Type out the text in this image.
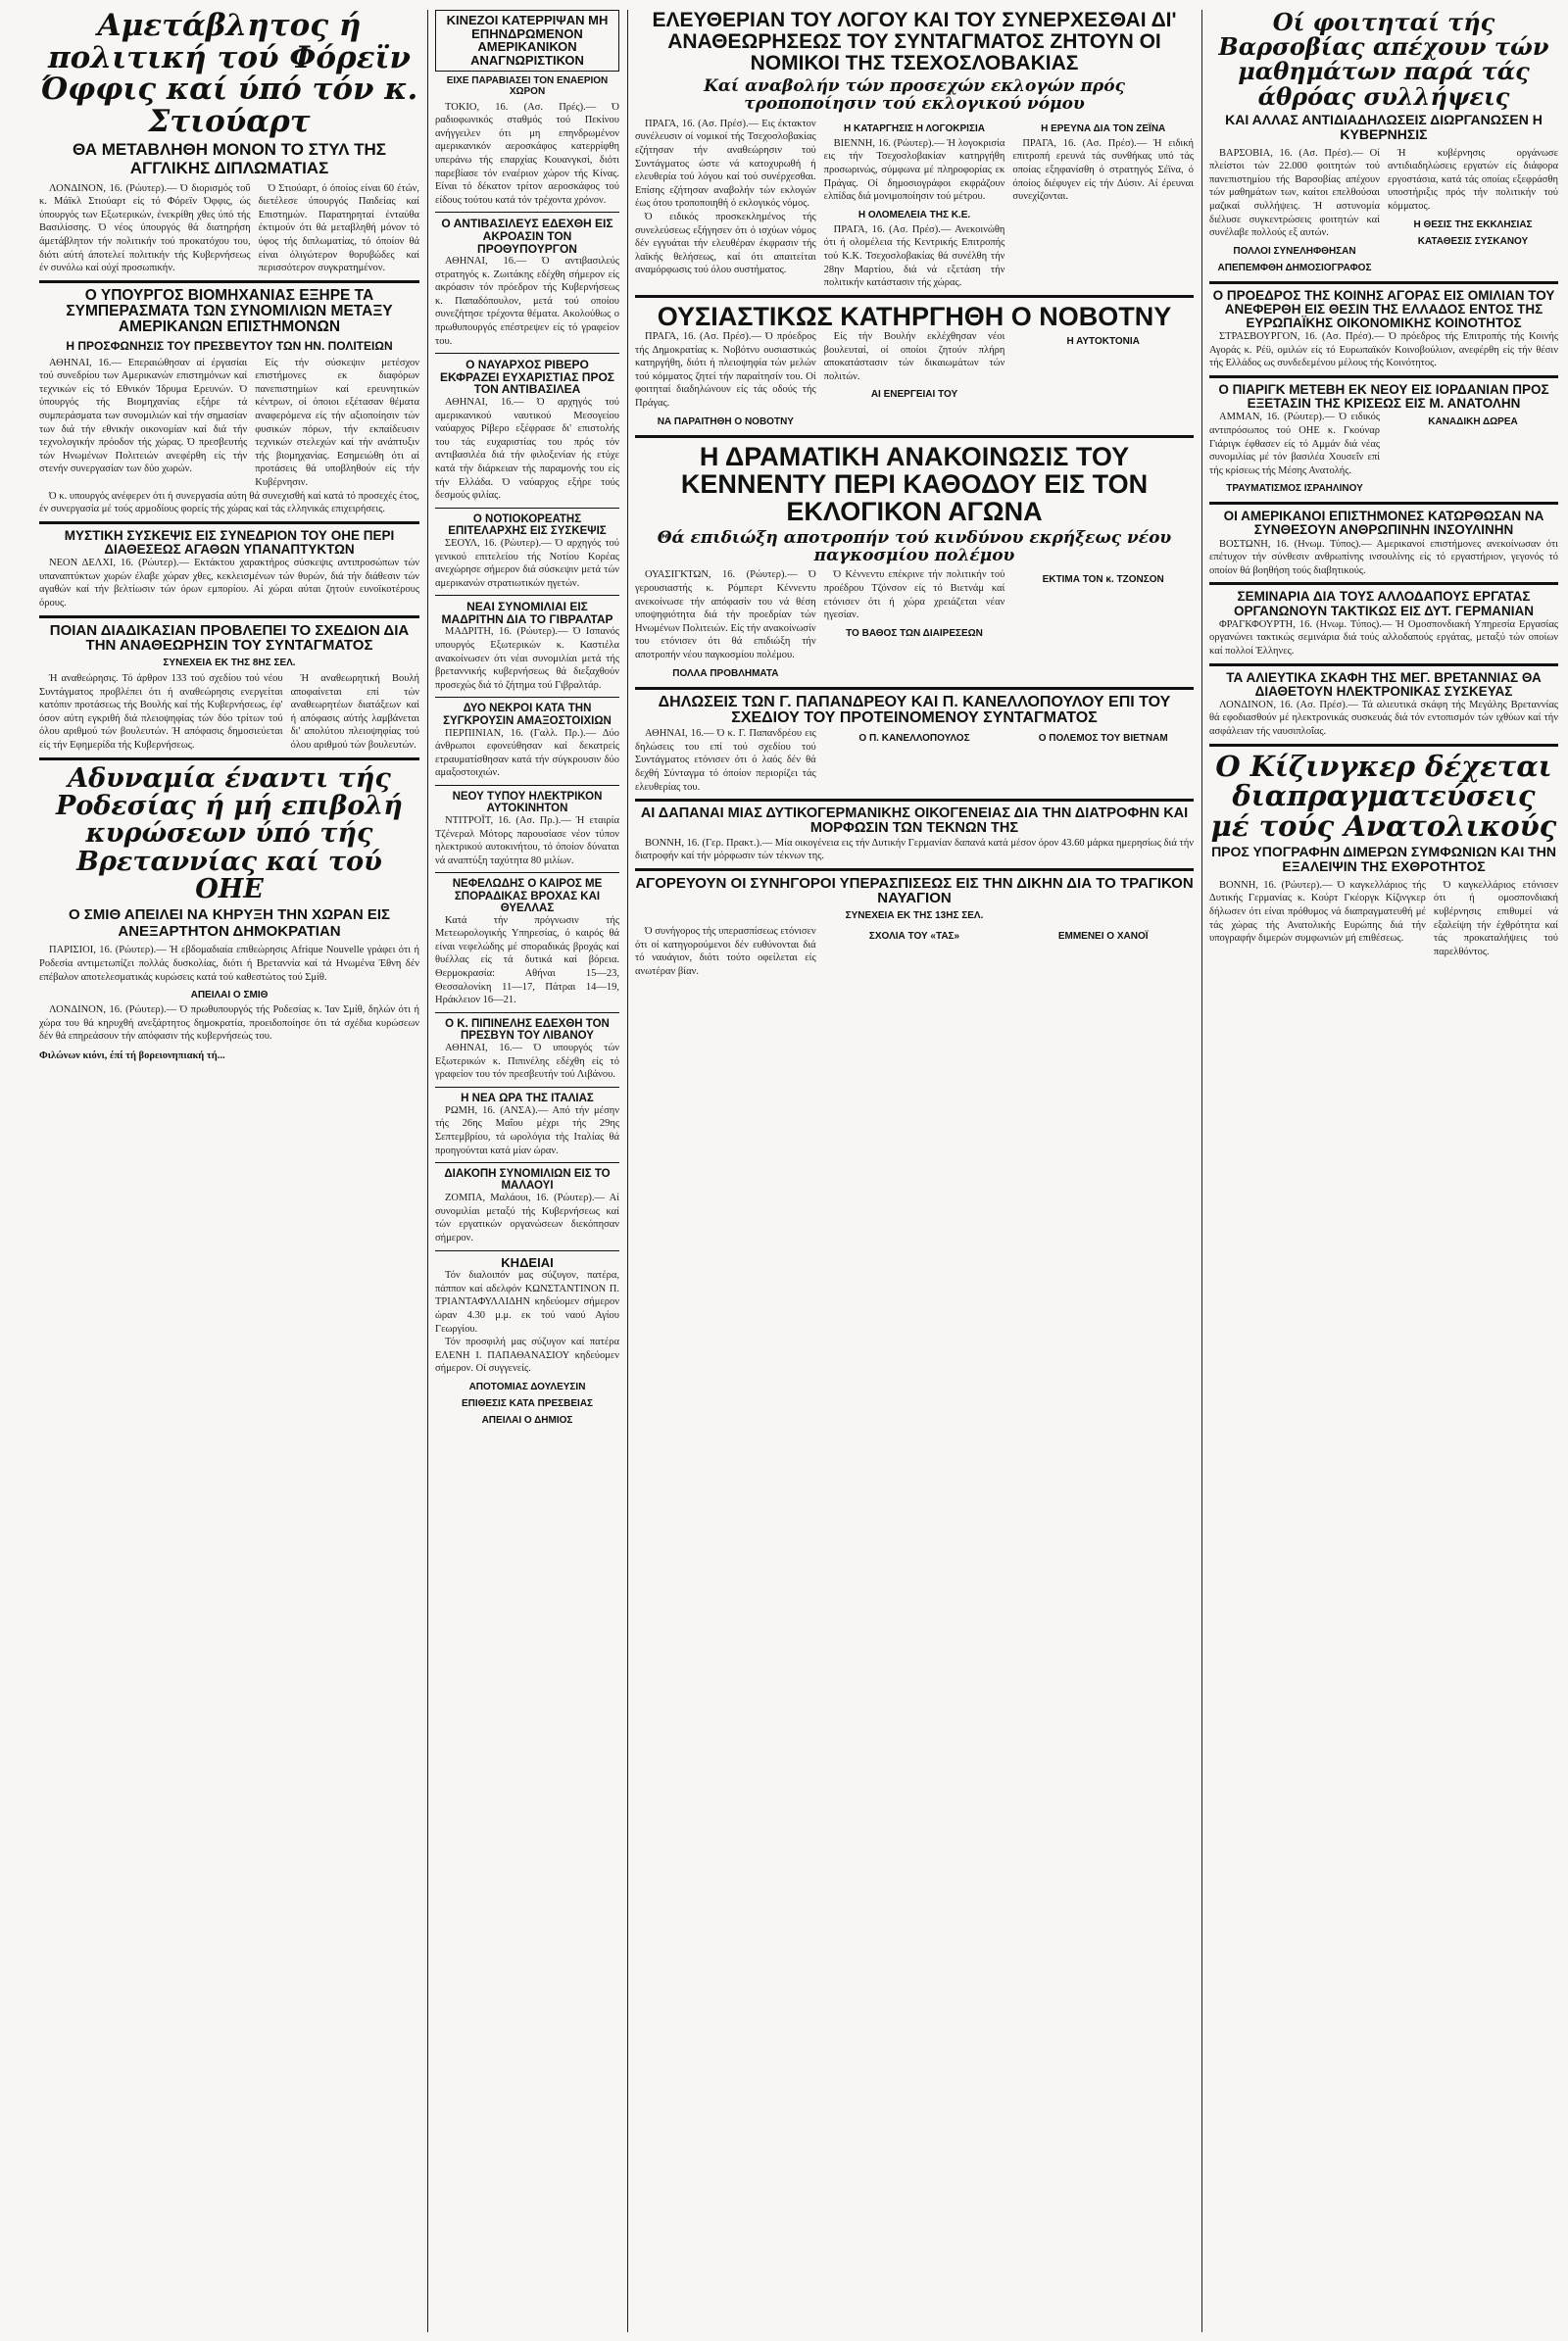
Αμετάβλητος ή πολιτική τού Φόρεϊν Όφφις καί ύπό τόν κ. Στιούαρτ
ΘΑ ΜΕΤΑΒΛΗΘΗ ΜΟΝΟΝ ΤΟ ΣΤΥΛ ΤΗΣ ΑΓΓΛΙΚΗΣ ΔΙΠΛΩΜΑΤΙΑΣ

ΛΟΝΔΙΝΟΝ, 16. (Ρώυτερ).— Ό διορισμός τοΰ κ. Μάϊκλ Στιούαρτ είς τό Φόρεϊν Όφφις, ώς ύπουργός των Εξωτερικών, ένεκρίθη χθες ύπό τής Βασιλίσσης. Ό νέος ύπουργός θά διατηρήση άμετάβλητον τήν πολιτικήν τού προκατόχου του, διότι αύτή άποτελεί πολιτικήν τής Κυβερνήσεως έν συνόλω καί ούχί προσωπικήν.

Ό Στιούαρτ, ό όποίος είναι 60 έτών, διετέλεσε ύπουργός Παιδείας καί Επιστημών. Παρατηρηταί ένταύθα έκτιμούν ότι θά μεταβληθή μόνον τό ύφος τής διπλωματίας, τό όποίον θά είναι όλιγώτερον θορυβώδες καί περισσότερον συγκρατημένον.

Ο ΥΠΟΥΡΓΟΣ ΒΙΟΜΗΧΑΝΙΑΣ ΕΞΗΡΕ ΤΑ ΣΥΜΠΕΡΑΣΜΑΤΑ ΤΩΝ ΣΥΝΟΜΙΛΙΩΝ ΜΕΤΑΞΥ ΑΜΕΡΙΚΑΝΩΝ ΕΠΙΣΤΗΜΟΝΩΝ
Η ΠΡΟΣΦΩΝΗΣΙΣ ΤΟΥ ΠΡΕΣΒΕΥΤΟΥ ΤΩΝ ΗΝ. ΠΟΛΙΤΕΙΩΝ

ΑΘΗΝΑΙ, 16.— Επεραιώθησαν αί έργασίαι τού συνεδρίου των Αμερικανών επιστημόνων καί τεχνικών είς τό Εθνικόν Ίδρυμα Ερευνών. Ό ύπουργός τής Βιομηχανίας εξήρε τά συμπεράσματα των συνομιλιών καί τήν σημασίαν των διά τήν εθνικήν οικονομίαν καί διά τήν τεχνολογικήν πρόοδον τής χώρας. Ό πρεσβευτής τών Ηνωμένων Πολιτειών ανεφέρθη είς τήν στενήν συνεργασίαν των δύο χωρών.

Είς τήν σύσκεψιν μετέσχον επιστήμονες εκ διαφόρων πανεπιστημίων καί ερευνητικών κέντρων, οί όποιοι εξέτασαν θέματα αναφερόμενα είς τήν αξιοποίησιν τών φυσικών πόρων, τήν εκπαίδευσιν τεχνικών στελεχών καί τήν ανάπτυξιν τής βιομηχανίας. Εσημειώθη ότι αί προτάσεις θά υποβληθούν είς τήν Κυβέρνησιν.

Ό κ. υπουργός ανέφερεν ότι ή συνεργασία αύτη θά συνεχισθή καί κατά τό προσεχές έτος, έν συνεργασία μέ τούς αρμοδίους φορείς τής χώρας καί τάς ελληνικάς επιχειρήσεις.

ΜΥΣΤΙΚΗ ΣΥΣΚΕΨΙΣ ΕΙΣ ΣΥΝΕΔΡΙΟΝ ΤΟΥ ΟΗΕ ΠΕΡΙ ΔΙΑΘΕΣΕΩΣ ΑΓΑΘΩΝ ΥΠΑΝΑΠΤΥΚΤΩΝ

ΝΕΟΝ ΔΕΛΧΙ, 16. (Ρώυτερ).— Εκτάκτου χαρακτήρος σύσκεψις αντιπροσώπων τών υπαναπτύκτων χωρών έλαβε χώραν χθες, κεκλεισμένων τών θυρών, διά τήν διάθεσιν τών αγαθών καί τήν βελτίωσιν τών όρων εμπορίου. Αί χώραι αύται ζητούν ευνοϊκοτέρους όρους.

ΠΟΙΑΝ ΔΙΑΔΙΚΑΣΙΑΝ ΠΡΟΒΛΕΠΕΙ ΤΟ ΣΧΕΔΙΟΝ ΔΙΑ ΤΗΝ ΑΝΑΘΕΩΡΗΣΙΝ ΤΟΥ ΣΥΝΤΑΓΜΑΤΟΣ
ΣΥΝΕΧΕΙΑ ΕΚ ΤΗΣ 8ΗΣ ΣΕΛ.

Ή αναθεώρησις. Τό άρθρον 133 τού σχεδίου τού νέου Συντάγματος προβλέπει ότι ή αναθεώρησις ενεργείται κατόπιν προτάσεως τής Βουλής καί τής Κυβερνήσεως, έφ' όσον αύτη εγκριθή διά πλειοψηφίας τών δύο τρίτων τού όλου αριθμού τών βουλευτών. Ή απόφασις δημοσιεύεται είς τήν Εφημερίδα τής Κυβερνήσεως.

Ή αναθεωρητική Βουλή αποφαίνεται επί τών αναθεωρητέων διατάξεων καί ή απόφασις αύτής λαμβάνεται δι' απολύτου πλειοψηφίας τού όλου αριθμού τών βουλευτών.

Αδυναμία έναντι τής Ροδεσίας ή μή επιβολή κυρώσεων ύπό τής Βρεταννίας καί τού ΟΗΕ
Ο ΣΜΙΘ ΑΠΕΙΛΕΙ ΝΑ ΚΗΡΥΞΗ ΤΗΝ ΧΩΡΑΝ ΕΙΣ ΑΝΕΞΑΡΤΗΤΟΝ ΔΗΜΟΚΡΑΤΙΑΝ

ΠΑΡΙΣΙΟΙ, 16. (Ρώυτερ).— Ή εβδομαδιαία επιθεώρησις Afrique Nouvelle γράφει ότι ή Ροδεσία αντιμετωπίζει πολλάς δυσκολίας, διότι ή Βρεταννία καί τά Ηνωμένα Έθνη δέν επέβαλον αποτελεσματικάς κυρώσεις κατά τού καθεστώτος τού Σμίθ.

ΑΠΕΙΛΑΙ Ο ΣΜΙΘ

ΛΟΝΔΙΝΟΝ, 16. (Ρώυτερ).— Ό πρωθυπουργός τής Ροδεσίας κ. Ίαν Σμίθ, δηλών ότι ή χώρα του θά κηρυχθή ανεξάρτητος δημοκρατία, προειδοποίησε ότι τά σχέδια κυρώσεων δέν θά επηρεάσουν τήν απόφασιν τής κυβερνήσεώς του.

Φιλώνων κιόνι, έπί τή βορειονηπιακή τή...

ΚΙΝΕΖΟΙ ΚΑΤΕΡΡΙΨΑΝ ΜΗ ΕΠΗΝΔΡΩΜΕΝΟΝ ΑΜΕΡΙΚΑΝΙΚΟΝ ΑΝΑΓΝΩΡΙΣΤΙΚΟΝ
ΕΙΧΕ ΠΑΡΑΒΙΑΣΕΙ ΤΟΝ ΕΝΑΕΡΙΟΝ ΧΩΡΟΝ

ΤΟΚΙΟ, 16. (Ασ. Πρές).— Ό ραδιοφωνικός σταθμός τού Πεκίνου ανήγγειλεν ότι μη επηνδρωμένον αμερικανικόν αεροσκάφος κατερρίφθη υπεράνω τής επαρχίας Κουανγκσί, διότι παρεβίασε τόν εναέριον χώρον τής Κίνας. Είναι τό δέκατον τρίτον αεροσκάφος τού είδους τούτου κατά τόν τρέχοντα χρόνον.

Ο ΑΝΤΙΒΑΣΙΛΕΥΣ ΕΔΕΧΘΗ ΕΙΣ ΑΚΡΟΑΣΙΝ ΤΟΝ ΠΡΟΘΥΠΟΥΡΓΟΝ

ΑΘΗΝΑΙ, 16.— Ό αντιβασιλεύς στρατηγός κ. Ζωιτάκης εδέχθη σήμερον είς ακρόασιν τόν πρόεδρον τής Κυβερνήσεως κ. Παπαδόπουλον, μετά τού οποίου συνεζήτησε τρέχοντα θέματα. Ακολούθως ο πρωθυπουργός επέστρεψεν είς τό γραφείον του.

Ο ΝΑΥΑΡΧΟΣ ΡΙΒΕΡΟ ΕΚΦΡΑΖΕΙ ΕΥΧΑΡΙΣΤΙΑΣ ΠΡΟΣ ΤΟΝ ΑΝΤΙΒΑΣΙΛΕΑ

ΑΘΗΝΑΙ, 16.— Ό αρχηγός τού αμερικανικού ναυτικού Μεσογείου ναύαρχος Ρίβερο εξέφρασε δι' επιστολής του τάς ευχαριστίας του πρός τόν αντιβασιλέα διά τήν φιλοξενίαν ής ετύχε κατά τήν διάρκειαν τής παραμονής του είς τήν Ελλάδα. Ό ναύαρχος εξήρε τούς δεσμούς φιλίας.

Ο ΝΟΤΙΟΚΟΡΕΑΤΗΣ ΕΠΙΤΕΛΑΡΧΗΣ ΕΙΣ ΣΥΣΚΕΨΙΣ

ΣΕΟΥΛ, 16. (Ρώυτερ).— Ό αρχηγός τού γενικού επιτελείου τής Νοτίου Κορέας ανεχώρησε σήμερον διά σύσκεψιν μετά τών αμερικανών στρατιωτικών ηγετών.

ΝΕΑΙ ΣΥΝΟΜΙΛΙΑΙ ΕΙΣ ΜΑΔΡΙΤΗΝ ΔΙΑ ΤΟ ΓΙΒΡΑΛΤΑΡ

ΜΑΔΡΙΤΗ, 16. (Ρώυτερ).— Ό Ισπανός υπουργός Εξωτερικών κ. Καστιέλα ανακοίνωσεν ότι νέαι συνομιλίαι μετά τής βρεταννικής κυβερνήσεως θά διεξαχθούν προσεχώς διά τό ζήτημα τού Γιβραλτάρ.

ΔΥΟ ΝΕΚΡΟΙ ΚΑΤΑ ΤΗΝ ΣΥΓΚΡΟΥΣΙΝ ΑΜΑΞΟΣΤΟΙΧΙΩΝ

ΠΕΡΠΙΝΙΑΝ, 16. (Γαλλ. Πρ.).— Δύο άνθρωποι εφονεύθησαν καί δεκατρείς ετραυματίσθησαν κατά τήν σύγκρουσιν δύο αμαξοστοιχιών.

ΝΕΟΥ ΤΥΠΟΥ ΗΛΕΚΤΡΙΚΟΝ ΑΥΤΟΚΙΝΗΤΟΝ

ΝΤΙΤΡΟΪΤ, 16. (Ασ. Πρ.).— Ή εταιρία Τζένεραλ Μότορς παρουσίασε νέον τύπον ηλεκτρικού αυτοκινήτου, τό όποίον δύναται νά αναπτύξη ταχύτητα 80 μιλίων.

ΝΕΦΕΛΩΔΗΣ Ο ΚΑΙΡΟΣ ΜΕ ΣΠΟΡΑΔΙΚΑΣ ΒΡΟΧΑΣ ΚΑΙ ΘΥΕΛΛΑΣ

Κατά τήν πρόγνωσιν τής Μετεωρολογικής Υπηρεσίας, ό καιρός θά είναι νεφελώδης μέ σποραδικάς βροχάς καί θυέλλας είς τά δυτικά καί βόρεια. Θερμοκρασία: Αθήναι 15—23, Θεσσαλονίκη 11—17, Πάτραι 14—19, Ηράκλειον 16—21.

Ο Κ. ΠΙΠΙΝΕΛΗΣ ΕΔΕΧΘΗ ΤΟΝ ΠΡΕΣΒΥΝ ΤΟΥ ΛΙΒΑΝΟΥ

ΑΘΗΝΑΙ, 16.— Ό υπουργός τών Εξωτερικών κ. Πιπινέλης εδέχθη είς τό γραφείον του τόν πρεσβευτήν τού Λιβάνου.

Η ΝΕΑ ΩΡΑ ΤΗΣ ΙΤΑΛΙΑΣ

ΡΩΜΗ, 16. (ΑΝΣΑ).— Από τήν μέσην τής 26ης Μαΐου μέχρι τής 29ης Σεπτεμβρίου, τά ωρολόγια τής Ιταλίας θά προηγούνται κατά μίαν ώραν.

ΔΙΑΚΟΠΗ ΣΥΝΟΜΙΛΙΩΝ ΕΙΣ ΤΟ ΜΑΛΑΟΥΙ

ΖΟΜΠΑ, Μαλάουι, 16. (Ρώυτερ).— Αί συνομιλίαι μεταξύ τής Κυβερνήσεως καί τών εργατικών οργανώσεων διεκόπησαν σήμερον.

ΚΗΔΕΙΑΙ

Τόν διαλοιπόν μας σύζυγον, πατέρα, πάππον καί αδελφόν ΚΩΝΣΤΑΝΤΙΝΟΝ Π. ΤΡΙΑΝΤΑΦΥΛΛΙΔΗΝ κηδεύομεν σήμερον ώραν 4.30 μ.μ. εκ τού ναού Αγίου Γεωργίου.

Τόν προσφιλή μας σύζυγον καί πατέρα ΕΛΕΝΗ Ι. ΠΑΠΑΘΑΝΑΣΙΟΥ κηδεύομεν σήμερον. Οί συγγενείς.

ΑΠΟΤΟΜΙΑΣ ΔΟΥΛΕΥΣΙΝ
ΕΠΙΘΕΣΙΣ ΚΑΤΑ ΠΡΕΣΒΕΙΑΣ
ΑΠΕΙΛΑΙ Ο ΔΗΜΙΟΣ
ΕΛΕΥΘΕΡΙΑΝ ΤΟΥ ΛΟΓΟΥ ΚΑΙ ΤΟΥ ΣΥΝΕΡΧΕΣΘΑΙ ΔΙ' ΑΝΑΘΕΩΡΗΣΕΩΣ ΤΟΥ ΣΥΝΤΑΓΜΑΤΟΣ ΖΗΤΟΥΝ ΟΙ ΝΟΜΙΚΟΙ ΤΗΣ ΤΣΕΧΟΣΛΟΒΑΚΙΑΣ
Καί αναβολήν τών προσεχών εκλογών πρός τροποποίησιν τού εκλογικού νόμου

ΠΡΑΓΑ, 16. (Ασ. Πρέσ).— Εις έκτακτον συνέλευσιν οί νομικοί τής Τσεχοσλοβακίας εζήτησαν τήν αναθεώρησιν τού Συντάγματος ώστε νά κατοχυρωθή ή ελευθερία τού λόγου καί τού συνέρχεσθαι. Επίσης εζήτησαν αναβολήν τών εκλογών έως ότου τροποποιηθή ό εκλογικός νόμος.

Ό ειδικός προσκεκλημένος τής συνελεύσεως εξήγησεν ότι ό ισχύων νόμος δέν εγγυάται τήν ελευθέραν έκφρασιν τής λαϊκής θελήσεως, καί ότι απαιτείται αναμόρφωσις τού όλου συστήματος.

Η ΚΑΤΑΡΓΗΣΙΣ Η ΛΟΓΟΚΡΙΣΙΑ

ΒΙΕΝΝΗ, 16. (Ρώυτερ).— Ή λογοκρισία εις τήν Τσεχοσλοβακίαν κατηργήθη προσωρινώς, σύμφωνα μέ πληροφορίας εκ Πράγας. Οί δημοσιογράφοι εκφράζουν ελπίδας διά μονιμοποίησιν τού μέτρου.

Η ΟΛΟΜΕΛΕΙΑ ΤΗΣ Κ.Ε.

ΠΡΑΓΑ, 16. (Ασ. Πρέσ).— Ανεκοινώθη ότι ή ολομέλεια τής Κεντρικής Επιτροπής τού Κ.Κ. Τσεχοσλοβακίας θά συνέλθη τήν 28ην Μαρτίου, διά νά εξετάση τήν πολιτικήν κατάστασιν τής χώρας.

Η ΕΡΕΥΝΑ ΔΙΑ ΤΟΝ ΖΕΪΝΑ

ΠΡΑΓΑ, 16. (Ασ. Πρέσ).— Ή ειδική επιτροπή ερευνά τάς συνθήκας υπό τάς οποίας εξηφανίσθη ό στρατηγός Σέϊνα, ό όποίος διέφυγεν είς τήν Δύσιν. Αί έρευναι συνεχίζονται.

ΟΥΣΙΑΣΤΙΚΩΣ ΚΑΤΗΡΓΗΘΗ Ο ΝΟΒΟΤΝΥ

ΠΡΑΓΑ, 16. (Ασ. Πρέσ).— Ό πρόεδρος τής Δημοκρατίας κ. Νοβότνυ ουσιαστικώς κατηργήθη, διότι ή πλειοψηφία τών μελών τού κόμματος ζητεί τήν παραίτησίν του. Οί φοιτηταί διαδηλώνουν είς τάς οδούς τής Πράγας.

ΝΑ ΠΑΡΑΙΤΗΘΗ Ο ΝΟΒΟΤΝΥ

Είς τήν Βουλήν εκλέχθησαν νέοι βουλευταί, οί οποίοι ζητούν πλήρη αποκατάστασιν τών δικαιωμάτων τών πολιτών.

ΑΙ ΕΝΕΡΓΕΙΑΙ ΤΟΥ
Η ΑΥΤΟΚΤΟΝΙΑ
Η ΔΡΑΜΑΤΙΚΗ ΑΝΑΚΟΙΝΩΣΙΣ ΤΟΥ ΚΕΝΝΕΝΤΥ ΠΕΡΙ ΚΑΘΟΔΟΥ ΕΙΣ ΤΟΝ ΕΚΛΟΓΙΚΟΝ ΑΓΩΝΑ
Θά επιδιώξη αποτροπήν τού κινδύνου εκρήξεως νέου παγκοσμίου πολέμου

ΟΥΑΣΙΓΚΤΩΝ, 16. (Ρώυτερ).— Ό γερουσιαστής κ. Ρόμπερτ Κέννεντυ ανεκοίνωσε τήν απόφασίν του νά θέση υποψηφιότητα διά τήν προεδρίαν τών Ηνωμένων Πολιτειών. Είς τήν ανακοίνωσίν του ετόνισεν ότι θά επιδιώξη τήν αποτροπήν νέου παγκοσμίου πολέμου.

ΠΟΛΛΑ ΠΡΟΒΛΗΜΑΤΑ

Ό Κέννεντυ επέκρινε τήν πολιτικήν τού προέδρου Τζόνσον είς τό Βιετνάμ καί ετόνισεν ότι ή χώρα χρειάζεται νέαν ηγεσίαν.

ΤΟ ΒΑΘΟΣ ΤΩΝ ΔΙΑΙΡΕΣΕΩΝ
ΕΚΤΙΜΑ ΤΟΝ κ. ΤΖΟΝΣΟΝ
ΔΗΛΩΣΕΙΣ ΤΩΝ Γ. ΠΑΠΑΝΔΡΕΟΥ ΚΑΙ Π. ΚΑΝΕΛΛΟΠΟΥΛΟΥ ΕΠΙ ΤΟΥ ΣΧΕΔΙΟΥ ΤΟΥ ΠΡΟΤΕΙΝΟΜΕΝΟΥ ΣΥΝΤΑΓΜΑΤΟΣ

ΑΘΗΝΑΙ, 16.— Ό κ. Γ. Παπανδρέου εις δηλώσεις του επί τού σχεδίου τού Συντάγματος ετόνισεν ότι ό λαός δέν θά δεχθή Σύνταγμα τό όποίον περιορίζει τάς ελευθερίας του.

Ο Π. ΚΑΝΕΛΛΟΠΟΥΛΟΣ	Ο ΠΟΛΕΜΟΣ ΤΟΥ ΒΙΕΤΝΑΜ
ΑΙ ΔΑΠΑΝΑΙ ΜΙΑΣ ΔΥΤΙΚΟΓΕΡΜΑΝΙΚΗΣ ΟΙΚΟΓΕΝΕΙΑΣ ΔΙΑ ΤΗΝ ΔΙΑΤΡΟΦΗΝ ΚΑΙ ΜΟΡΦΩΣΙΝ ΤΩΝ ΤΕΚΝΩΝ ΤΗΣ

ΒΟΝΝΗ, 16. (Γερ. Πρακτ.).— Μία οικογένεια εις τήν Δυτικήν Γερμανίαν δαπανά κατά μέσον όρον 43.60 μάρκα ημερησίως διά τήν διατροφήν καί τήν μόρφωσιν τών τέκνων της.

ΑΓΟΡΕΥΟΥΝ ΟΙ ΣΥΝΗΓΟΡΟΙ ΥΠΕΡΑΣΠΙΣΕΩΣ ΕΙΣ ΤΗΝ ΔΙΚΗΝ ΔΙΑ ΤΟ ΤΡΑΓΙΚΟΝ ΝΑΥΑΓΙΟΝ
ΣΥΝΕΧΕΙΑ ΕΚ ΤΗΣ 13ΗΣ ΣΕΛ.

Ό συνήγορος τής υπερασπίσεως ετόνισεν ότι οί κατηγορούμενοι δέν ευθύνονται διά τό ναυάγιον, διότι τούτο οφείλεται είς ανωτέραν βίαν.

ΣΧΟΛΙΑ ΤΟΥ «ΤΑΣ»	ΕΜΜΕΝΕΙ Ο ΧΑΝΟΪ
Οί φοιτηταί τής Βαρσοβίας απέχουν τών μαθημάτων παρά τάς άθρόας συλλήψεις
ΚΑΙ ΑΛΛΑΣ ΑΝΤΙΔΙΑΔΗΛΩΣΕΙΣ ΔΙΩΡΓΑΝΩΣΕΝ Η ΚΥΒΕΡΝΗΣΙΣ

ΒΑΡΣΟΒΙΑ, 16. (Ασ. Πρέσ).— Οί πλείστοι τών 22.000 φοιτητών τού πανεπιστημίου τής Βαρσοβίας απέχουν τών μαθημάτων των, καίτοι επελθούσαι μαζικαί συλλήψεις. Ή αστυνομία διέλυσε συγκεντρώσεις φοιτητών καί συνέλαβε πολλούς εξ αυτών.

ΠΟΛΛΟΙ ΣΥΝΕΛΗΦΘΗΣΑΝ
ΑΠΕΠΕΜΦΘΗ ΔΗΜΟΣΙΟΓΡΑΦΟΣ

Ή κυβέρνησις οργάνωσε αντιδιαδηλώσεις εργατών είς διάφορα εργοστάσια, κατά τάς οποίας εξεφράσθη υποστήριξις πρός τήν πολιτικήν τού κόμματος.

Η ΘΕΣΙΣ ΤΗΣ ΕΚΚΛΗΣΙΑΣ
ΚΑΤΑΘΕΣΙΣ ΣΥΣΚΑΝΟΥ
Ο ΠΡΟΕΔΡΟΣ ΤΗΣ ΚΟΙΝΗΣ ΑΓΟΡΑΣ ΕΙΣ ΟΜΙΛΙΑΝ ΤΟΥ ΑΝΕΦΕΡΘΗ ΕΙΣ ΘΕΣΙΝ ΤΗΣ ΕΛΛΑΔΟΣ ΕΝΤΟΣ ΤΗΣ ΕΥΡΩΠΑΪΚΗΣ ΟΙΚΟΝΟΜΙΚΗΣ ΚΟΙΝΟΤΗΤΟΣ

ΣΤΡΑΣΒΟΥΡΓΟΝ, 16. (Ασ. Πρέσ).— Ό πρόεδρος τής Επιτροπής τής Κοινής Αγοράς κ. Ρέϋ, ομιλών είς τό Ευρωπαϊκόν Κοινοβούλιον, ανεφέρθη είς τήν θέσιν τής Ελλάδος ως συνδεδεμένου μέλους τής Κοινότητος.

Ο ΠΙΑΡΙΓΚ ΜΕΤΕΒΗ ΕΚ ΝΕΟΥ ΕΙΣ ΙΟΡΔΑΝΙΑΝ ΠΡΟΣ ΕΞΕΤΑΣΙΝ ΤΗΣ ΚΡΙΣΕΩΣ ΕΙΣ Μ. ΑΝΑΤΟΛΗΝ

ΑΜΜΑΝ, 16. (Ρώυτερ).— Ό ειδικός αντιπρόσωπος τού ΟΗΕ κ. Γκούναρ Γιάριγκ έφθασεν είς τό Αμμάν διά νέας συνομιλίας μέ τόν βασιλέα Χουσεΐν επί τής κρίσεως τής Μέσης Ανατολής.

ΤΡΑΥΜΑΤΙΣΜΟΣ ΙΣΡΑΗΛΙΝΟΥ
ΚΑΝΑΔΙΚΗ ΔΩΡΕΑ
ΟΙ ΑΜΕΡΙΚΑΝΟΙ ΕΠΙΣΤΗΜΟΝΕΣ ΚΑΤΩΡΘΩΣΑΝ ΝΑ ΣΥΝΘΕΣΟΥΝ ΑΝΘΡΩΠΙΝΗΝ ΙΝΣΟΥΛΙΝΗΝ

ΒΟΣΤΩΝΗ, 16. (Ηνωμ. Τύπος).— Αμερικανοί επιστήμονες ανεκοίνωσαν ότι επέτυχον τήν σύνθεσιν ανθρωπίνης ινσουλίνης είς τό εργαστήριον, γεγονός τό οποίον θά βοηθήση τούς διαβητικούς.

ΣΕΜΙΝΑΡΙΑ ΔΙΑ ΤΟΥΣ ΑΛΛΟΔΑΠΟΥΣ ΕΡΓΑΤΑΣ ΟΡΓΑΝΩΝΟΥΝ ΤΑΚΤΙΚΩΣ ΕΙΣ ΔΥΤ. ΓΕΡΜΑΝΙΑΝ

ΦΡΑΓΚΦΟΥΡΤΗ, 16. (Ηνωμ. Τύπος).— Ή Ομοσπονδιακή Υπηρεσία Εργασίας οργανώνει τακτικώς σεμινάρια διά τούς αλλοδαπούς εργάτας, μεταξύ τών οποίων καί πολλοί Έλληνες.

ΤΑ ΑΛΙΕΥΤΙΚΑ ΣΚΑΦΗ ΤΗΣ ΜΕΓ. ΒΡΕΤΑΝΝΙΑΣ ΘΑ ΔΙΑΘΕΤΟΥΝ ΗΛΕΚΤΡΟΝΙΚΑΣ ΣΥΣΚΕΥΑΣ

ΛΟΝΔΙΝΟΝ, 16. (Ασ. Πρέσ).— Τά αλιευτικά σκάφη τής Μεγάλης Βρεταννίας θά εφοδιασθούν μέ ηλεκτρονικάς συσκευάς διά τόν εντοπισμόν τών ιχθύων καί τήν ασφάλειαν τής ναυσιπλοΐας.

Ο Κίζινγκερ δέχεται διαπραγματεύσεις μέ τούς Ανατολικούς
ΠΡΟΣ ΥΠΟΓΡΑΦΗΝ ΔΙΜΕΡΩΝ ΣΥΜΦΩΝΙΩΝ ΚΑΙ ΤΗΝ ΕΞΑΛΕΙΨΙΝ ΤΗΣ ΕΧΘΡΟΤΗΤΟΣ

ΒΟΝΝΗ, 16. (Ρώυτερ).— Ό καγκελλάριος τής Δυτικής Γερμανίας κ. Κούρτ Γκέοργκ Κίζινγκερ δήλωσεν ότι είναι πρόθυμος νά διαπραγματευθή μέ τάς χώρας τής Ανατολικής Ευρώπης διά τήν υπογραφήν διμερών συμφωνιών μή επιθέσεως.

Ό καγκελλάριος ετόνισεν ότι ή ομοσπονδιακή κυβέρνησις επιθυμεί νά εξαλείψη τήν έχθρότητα καί τάς προκαταλήψεις τού παρελθόντος.
